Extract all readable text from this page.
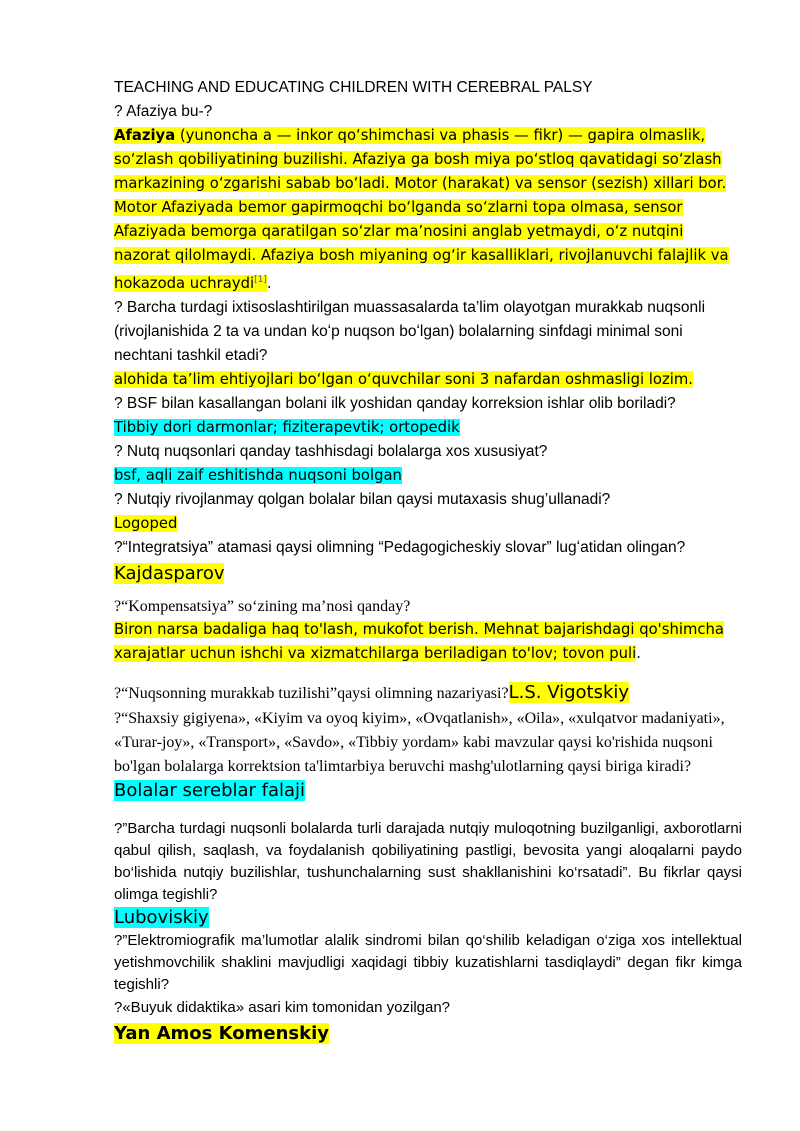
TEACHING AND EDUCATING CHILDREN WITH CEREBRAL PALSY

? Afaziya bu-?

Afaziya (yunoncha a — inkor qoʻshimchasi va phasis — fikr) — gapira olmaslik, soʻzlash qobiliyatining buzilishi. Afaziya ga bosh miya poʻstloq qavatidagi soʻzlash markazining oʻzgarishi sabab boʻladi. Motor (harakat) va sensor (sezish) xillari bor. Motor Afaziyada bemor gapirmoqchi boʻlganda soʻzlarni topa olmasa, sensor Afaziyada bemorga qaratilgan soʻzlar maʼnosini anglab yetmaydi, oʻz nutqini nazorat qilolmaydi. Afaziya bosh miyaning ogʻir kasalliklari, rivojlanuvchi falajlik va hokazoda uchraydi[1].

? Barcha turdagi ixtisoslashtirilgan muassasalarda ta’lim olayotgan murakkab nuqsonli (rivojlanishida 2 ta va undan koʻp nuqson boʻlgan) bolalarning sinfdagi minimal soni nechtani tashkil etadi?

alohida ta’lim ehtiyojlari bo‘lgan o‘quvchilar soni 3 nafardan oshmasligi lozim.

? BSF bilan kasallangan bolani ilk yoshidan qanday korreksion ishlar olib boriladi?

Tibbiy dori darmonlar; fiziterapevtik; ortopedik

? Nutq nuqsonlari qanday tashhisdagi bolalarga xos xususiyat?

bsf, aqli zaif eshitishda nuqsoni bolgan

? Nutqiy rivojlanmay qolgan bolalar bilan qaysi mutaxasis shug’ullanadi?

Logoped

?“Integratsiya” atamasi qaysi olimning “Pedagogicheskiy slovar” lugʻatidan olingan?

Kajdasparov

?“Kompensatsiya” so‘zining ma’nosi qanday?

Biron narsa badaliga haq to'lash, mukofot berish. Mehnat bajarishdagi qo'shimcha xarajatlar uchun ishchi va xizmatchilarga beriladigan to'lov; tovon puli.

?“Nuqsonning murakkab tuzilishi”qaysi olimning nazariyasi?L.S. Vigotskiy

?“Shaxsiy gigiyena», «Kiyim va oyoq kiyim», «Ovqatlanish», «Oila», «xulqatvor madaniyati», «Turar-joy», «Transport», «Savdo», «Tibbiy yordam» kabi mavzular qaysi ko'rishida nuqsoni bo'lgan bolalarga korrektsion ta'limtarbiya beruvchi mashg'ulotlarning qaysi biriga kiradi? Bolalar sereblar falaji

?”Barcha turdagi nuqsonli bolalarda turli darajada nutqiy muloqotning buzilganligi, axborotlarni qabul qilish, saqlash, va foydalanish qobiliyatining pastligi, bevosita yangi aloqalarni paydo bo‘lishida nutqiy buzilishlar, tushunchalarning sust shakllanishini ko‘rsatadi”. Bu fikrlar qaysi olimga tegishli?

Luboviskiy

?”Elektromiografik ma’lumotlar alalik sindromi bilan qo‘shilib keladigan o‘ziga xos intellektual yetishmovchilik shaklini mavjudligi xaqidagi tibbiy kuzatishlarni tasdiqlaydi” degan fikr kimga tegishli?

?«Buyuk didaktika» asari kim tomonidan yozilgan?

Yan Amos Komenskiy
